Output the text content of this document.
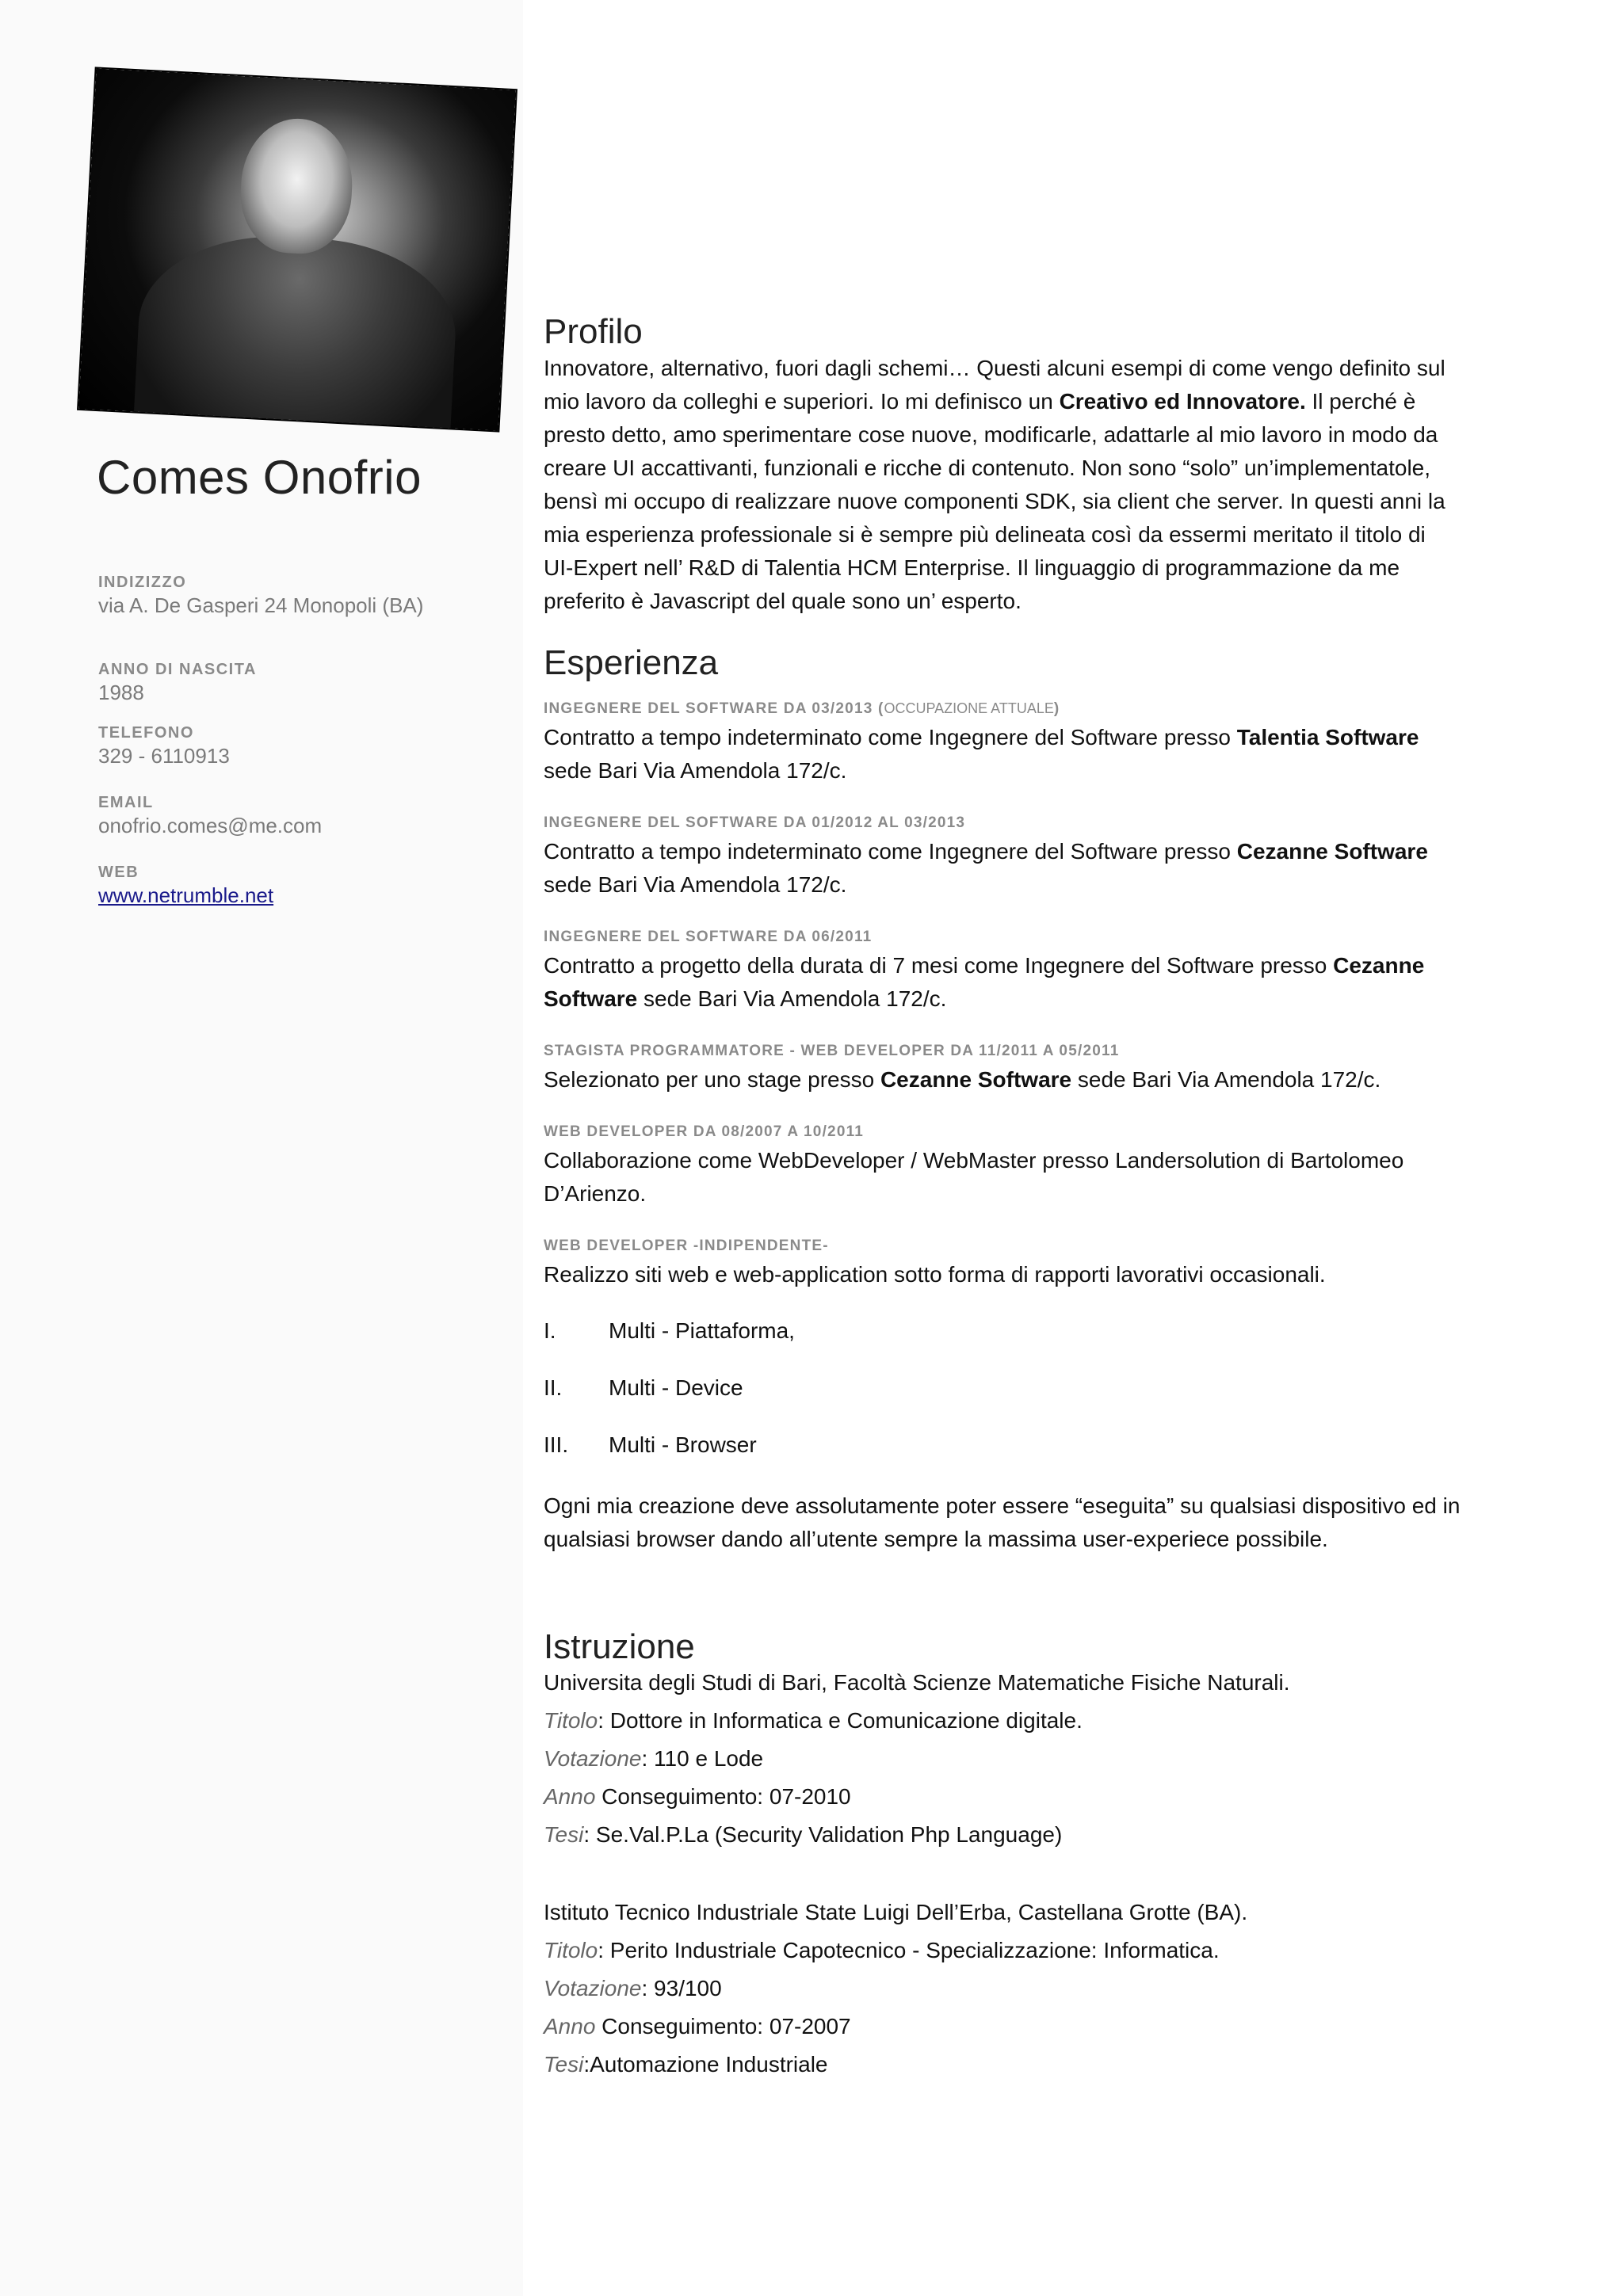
Comes Onofrio
INDIZIZZO
via A. De Gasperi 24 Monopoli (BA)
ANNO DI NASCITA
1988
TELEFONO
329 - 6110913
EMAIL
onofrio.comes@me.com
WEB
www.netrumble.net
Profilo

Innovatore, alternativo, fuori dagli schemi… Questi alcuni esempi di come vengo definito sul
mio lavoro da colleghi e superiori. Io mi definisco un Creativo ed Innovatore. Il perché è
presto detto, amo sperimentare cose nuove, modificarle, adattarle al mio lavoro in modo da
creare UI accattivanti, funzionali e ricche di contenuto. Non sono “solo” un’implementatole,
bensì mi occupo di realizzare nuove componenti SDK, sia client che server. In questi anni la
mia esperienza professionale si è sempre più delineata così da essermi meritato il titolo di
UI-Expert nell’ R&D di Talentia HCM Enterprise. Il linguaggio di programmazione da me
preferito è Javascript del quale sono un’ esperto.

Esperienza
INGEGNERE DEL SOFTWARE DA 03/2013 (OCCUPAZIONE ATTUALE)
Contratto a tempo indeterminato come Ingegnere del Software presso Talentia Software
sede Bari Via Amendola 172/c.
INGEGNERE DEL SOFTWARE DA 01/2012 AL 03/2013
Contratto a tempo indeterminato come Ingegnere del Software presso Cezanne Software
sede Bari Via Amendola 172/c.
INGEGNERE DEL SOFTWARE DA 06/2011
Contratto a progetto della durata di 7 mesi come Ingegnere del Software presso Cezanne
Software sede Bari Via Amendola 172/c.
STAGISTA PROGRAMMATORE - WEB DEVELOPER DA 11/2011 A 05/2011
Selezionato per uno stage presso Cezanne Software sede Bari Via Amendola 172/c.
WEB DEVELOPER DA 08/2007 A 10/2011
Collaborazione come WebDeveloper / WebMaster presso Landersolution di Bartolomeo
D’Arienzo.
WEB DEVELOPER -INDIPENDENTE-
Realizzo siti web e web-application sotto forma di rapporti lavorativi occasionali.
I. Multi - Piattaforma,
II. Multi - Device
III. Multi - Browser

Ogni mia creazione deve assolutamente poter essere “eseguita” su qualsiasi dispositivo ed in
qualsiasi browser dando all’utente sempre la massima user-experiece possibile.

Istruzione
Universita degli Studi di Bari, Facoltà Scienze Matematiche Fisiche Naturali.
Titolo: Dottore in Informatica e Comunicazione digitale.
Votazione: 110 e Lode
Anno Conseguimento: 07-2010
Tesi: Se.Val.P.La (Security Validation Php Language)
Istituto Tecnico Industriale State Luigi Dell’Erba, Castellana Grotte (BA).
Titolo: Perito Industriale Capotecnico - Specializzazione: Informatica.
Votazione: 93/100
Anno Conseguimento: 07-2007
Tesi:Automazione Industriale
